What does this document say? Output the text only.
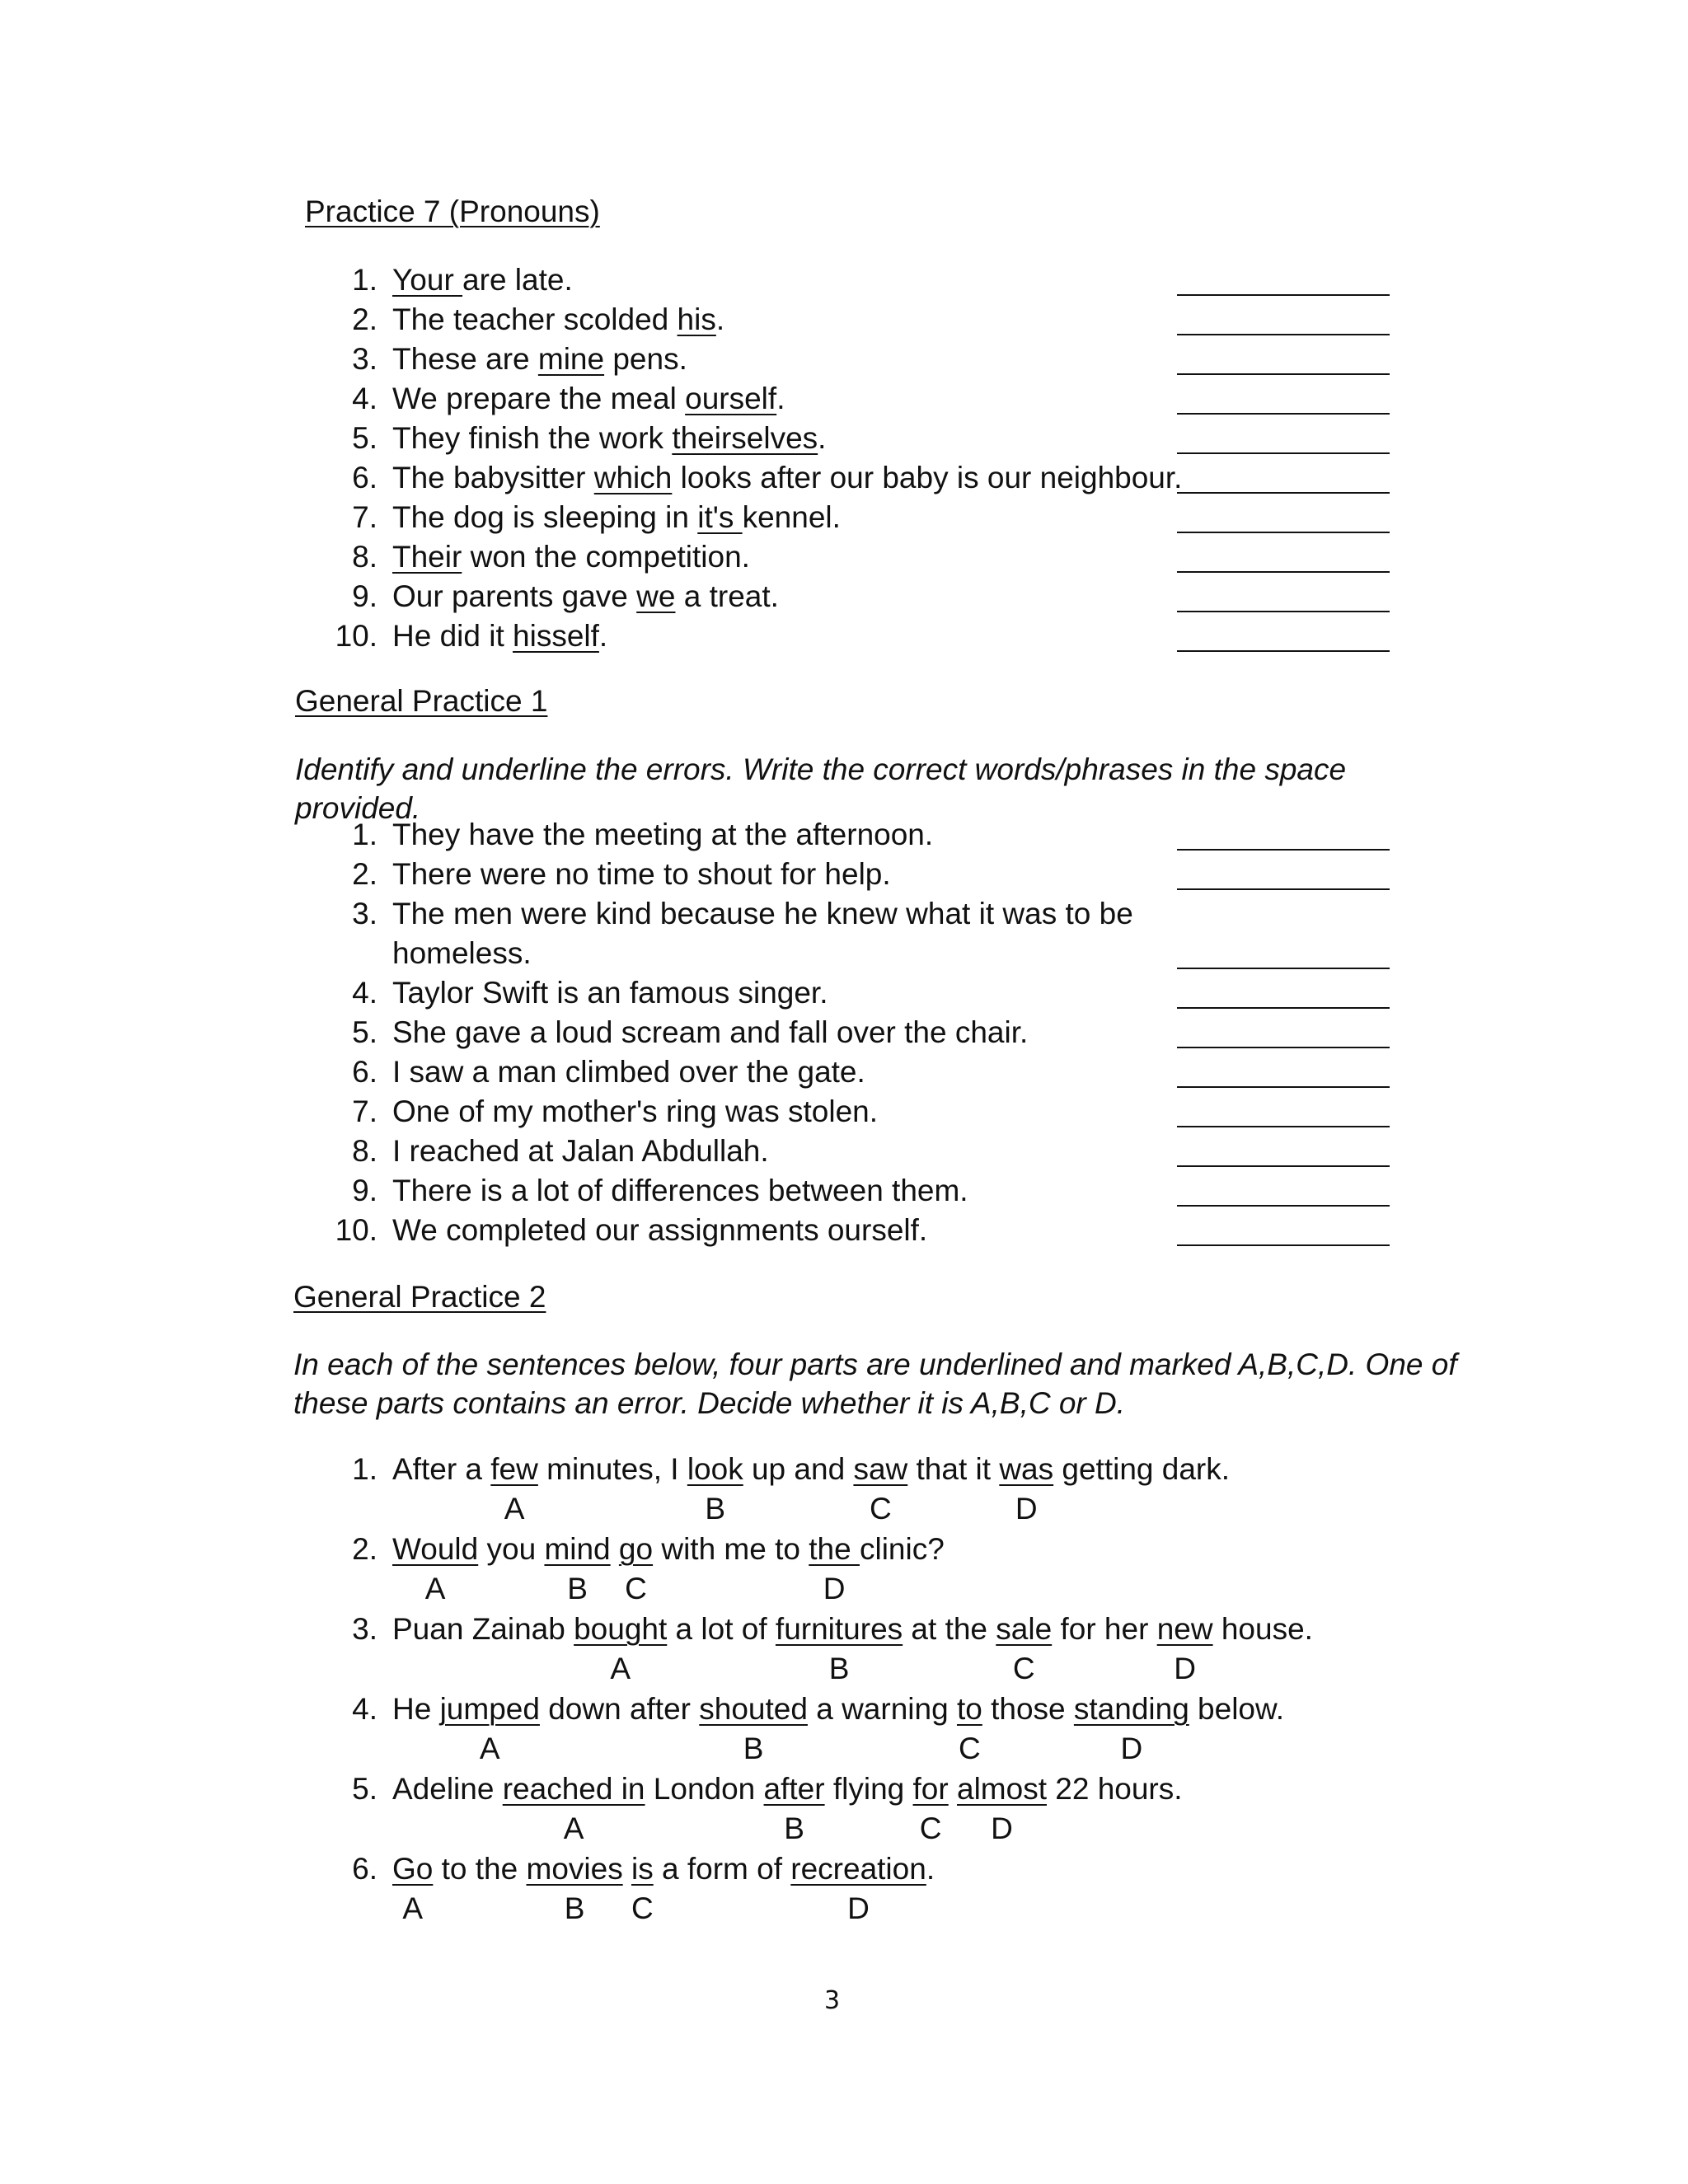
Practice 7 (Pronouns)
1. Your are late.
2. The teacher scolded his.
3. These are mine pens.
4. We prepare the meal ourself.
5. They finish the work theirselves.
6. The babysitter which looks after our baby is our neighbour.
7. The dog is sleeping in it's kennel.
8. Their won the competition.
9. Our parents gave we a treat.
10. He did it hisself.
General Practice 1
Identify and underline the errors. Write the correct words/phrases in the space provided.
1. They have the meeting at the afternoon.
2. There were no time to shout for help.
3. The men were kind because he knew what it was to be
homeless.
4. Taylor Swift is an famous singer.
5. She gave a loud scream and fall over the chair.
6. I saw a man climbed over the gate.
7. One of my mother's ring was stolen.
8. I reached at Jalan Abdullah.
9. There is a lot of differences between them.
10. We completed our assignments ourself.
General Practice 2
In each of the sentences below, four parts are underlined and marked A,B,C,D. One of these parts contains an error. Decide whether it is A,B,C or D.
1. After a few minutes, I look up and saw that it was getting dark.
2. Would you mind go with me to the clinic?
3. Puan Zainab bought a lot of furnitures at the sale for her new house.
4. He jumped down after shouted a warning to those standing below.
5. Adeline reached in London after flying for almost 22 hours.
6. Go to the movies is a form of recreation.
A	B	C	D
A	B C	D
A	B	C	D
A	B	C	D
A	B	C D
A	B C	D
3
